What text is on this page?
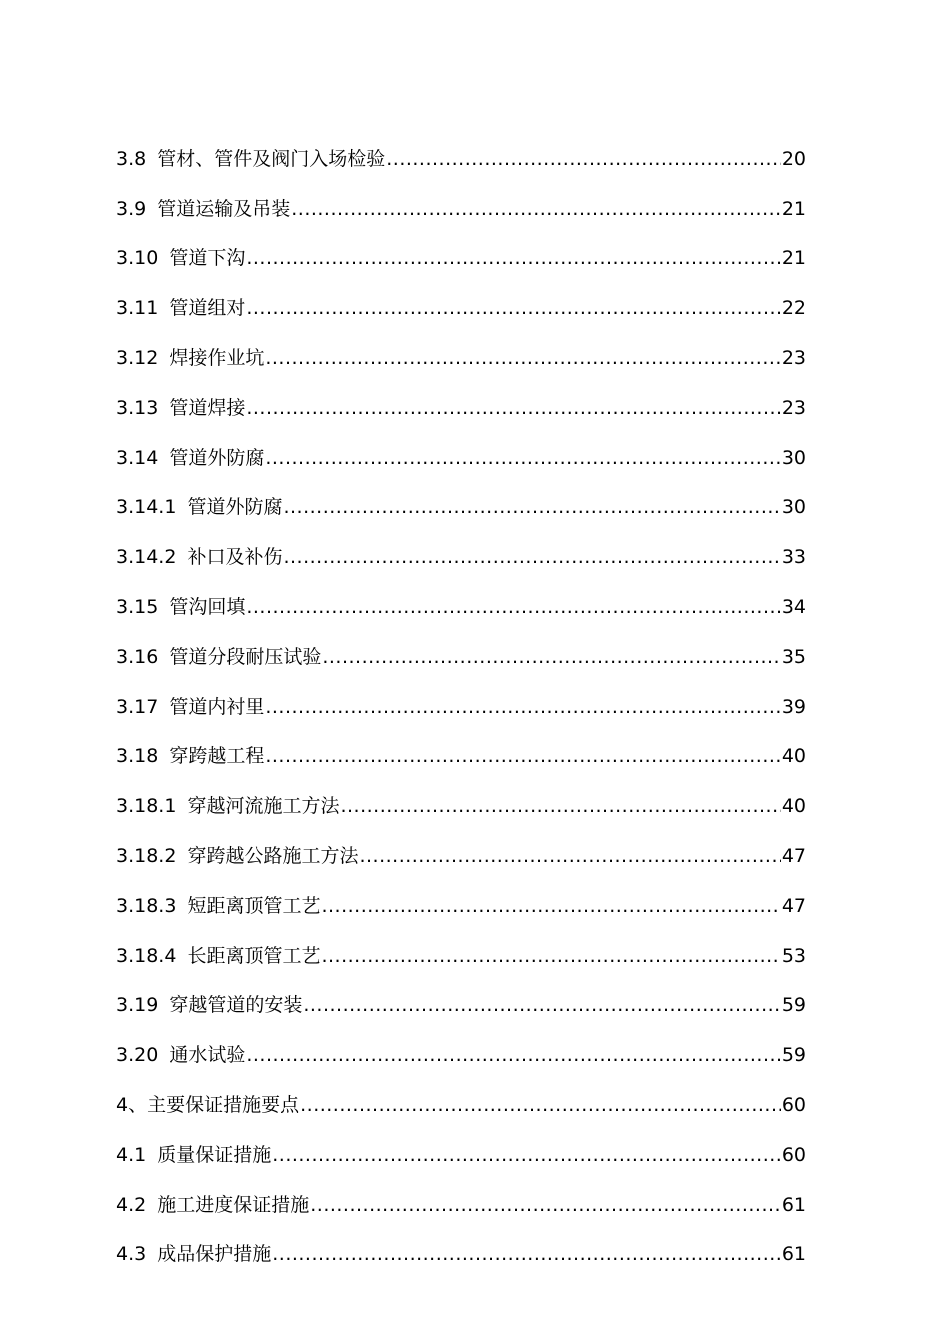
3.8 管材、管件及阀门入场检验 .....	20
3.9 管道运输及吊装 .....	21
3.10 管道下沟 .....	21
3.11 管道组对 .....	22
3.12 焊接作业坑 .....	23
3.13 管道焊接 .....	23
3.14 管道外防腐 .....	30
3.14.1 管道外防腐 .....	30
3.14.2 补口及补伤 .....	33
3.15 管沟回填 .....	34
3.16 管道分段耐压试验 .....	35
3.17 管道内衬里 .....	39
3.18 穿跨越工程 .....	40
3.18.1 穿越河流施工方法 .....	40
3.18.2 穿跨越公路施工方法 .....	47
3.18.3 短距离顶管工艺 .....	47
3.18.4 长距离顶管工艺 .....	53
3.19 穿越管道的安装 .....	59
3.20 通水试验 .....	59
4、 主要保证措施要点 .....	60
4.1 质量保证措施 .....	60
4.2 施工进度保证措施 .....	61
4.3 成品保护措施 .....	61
